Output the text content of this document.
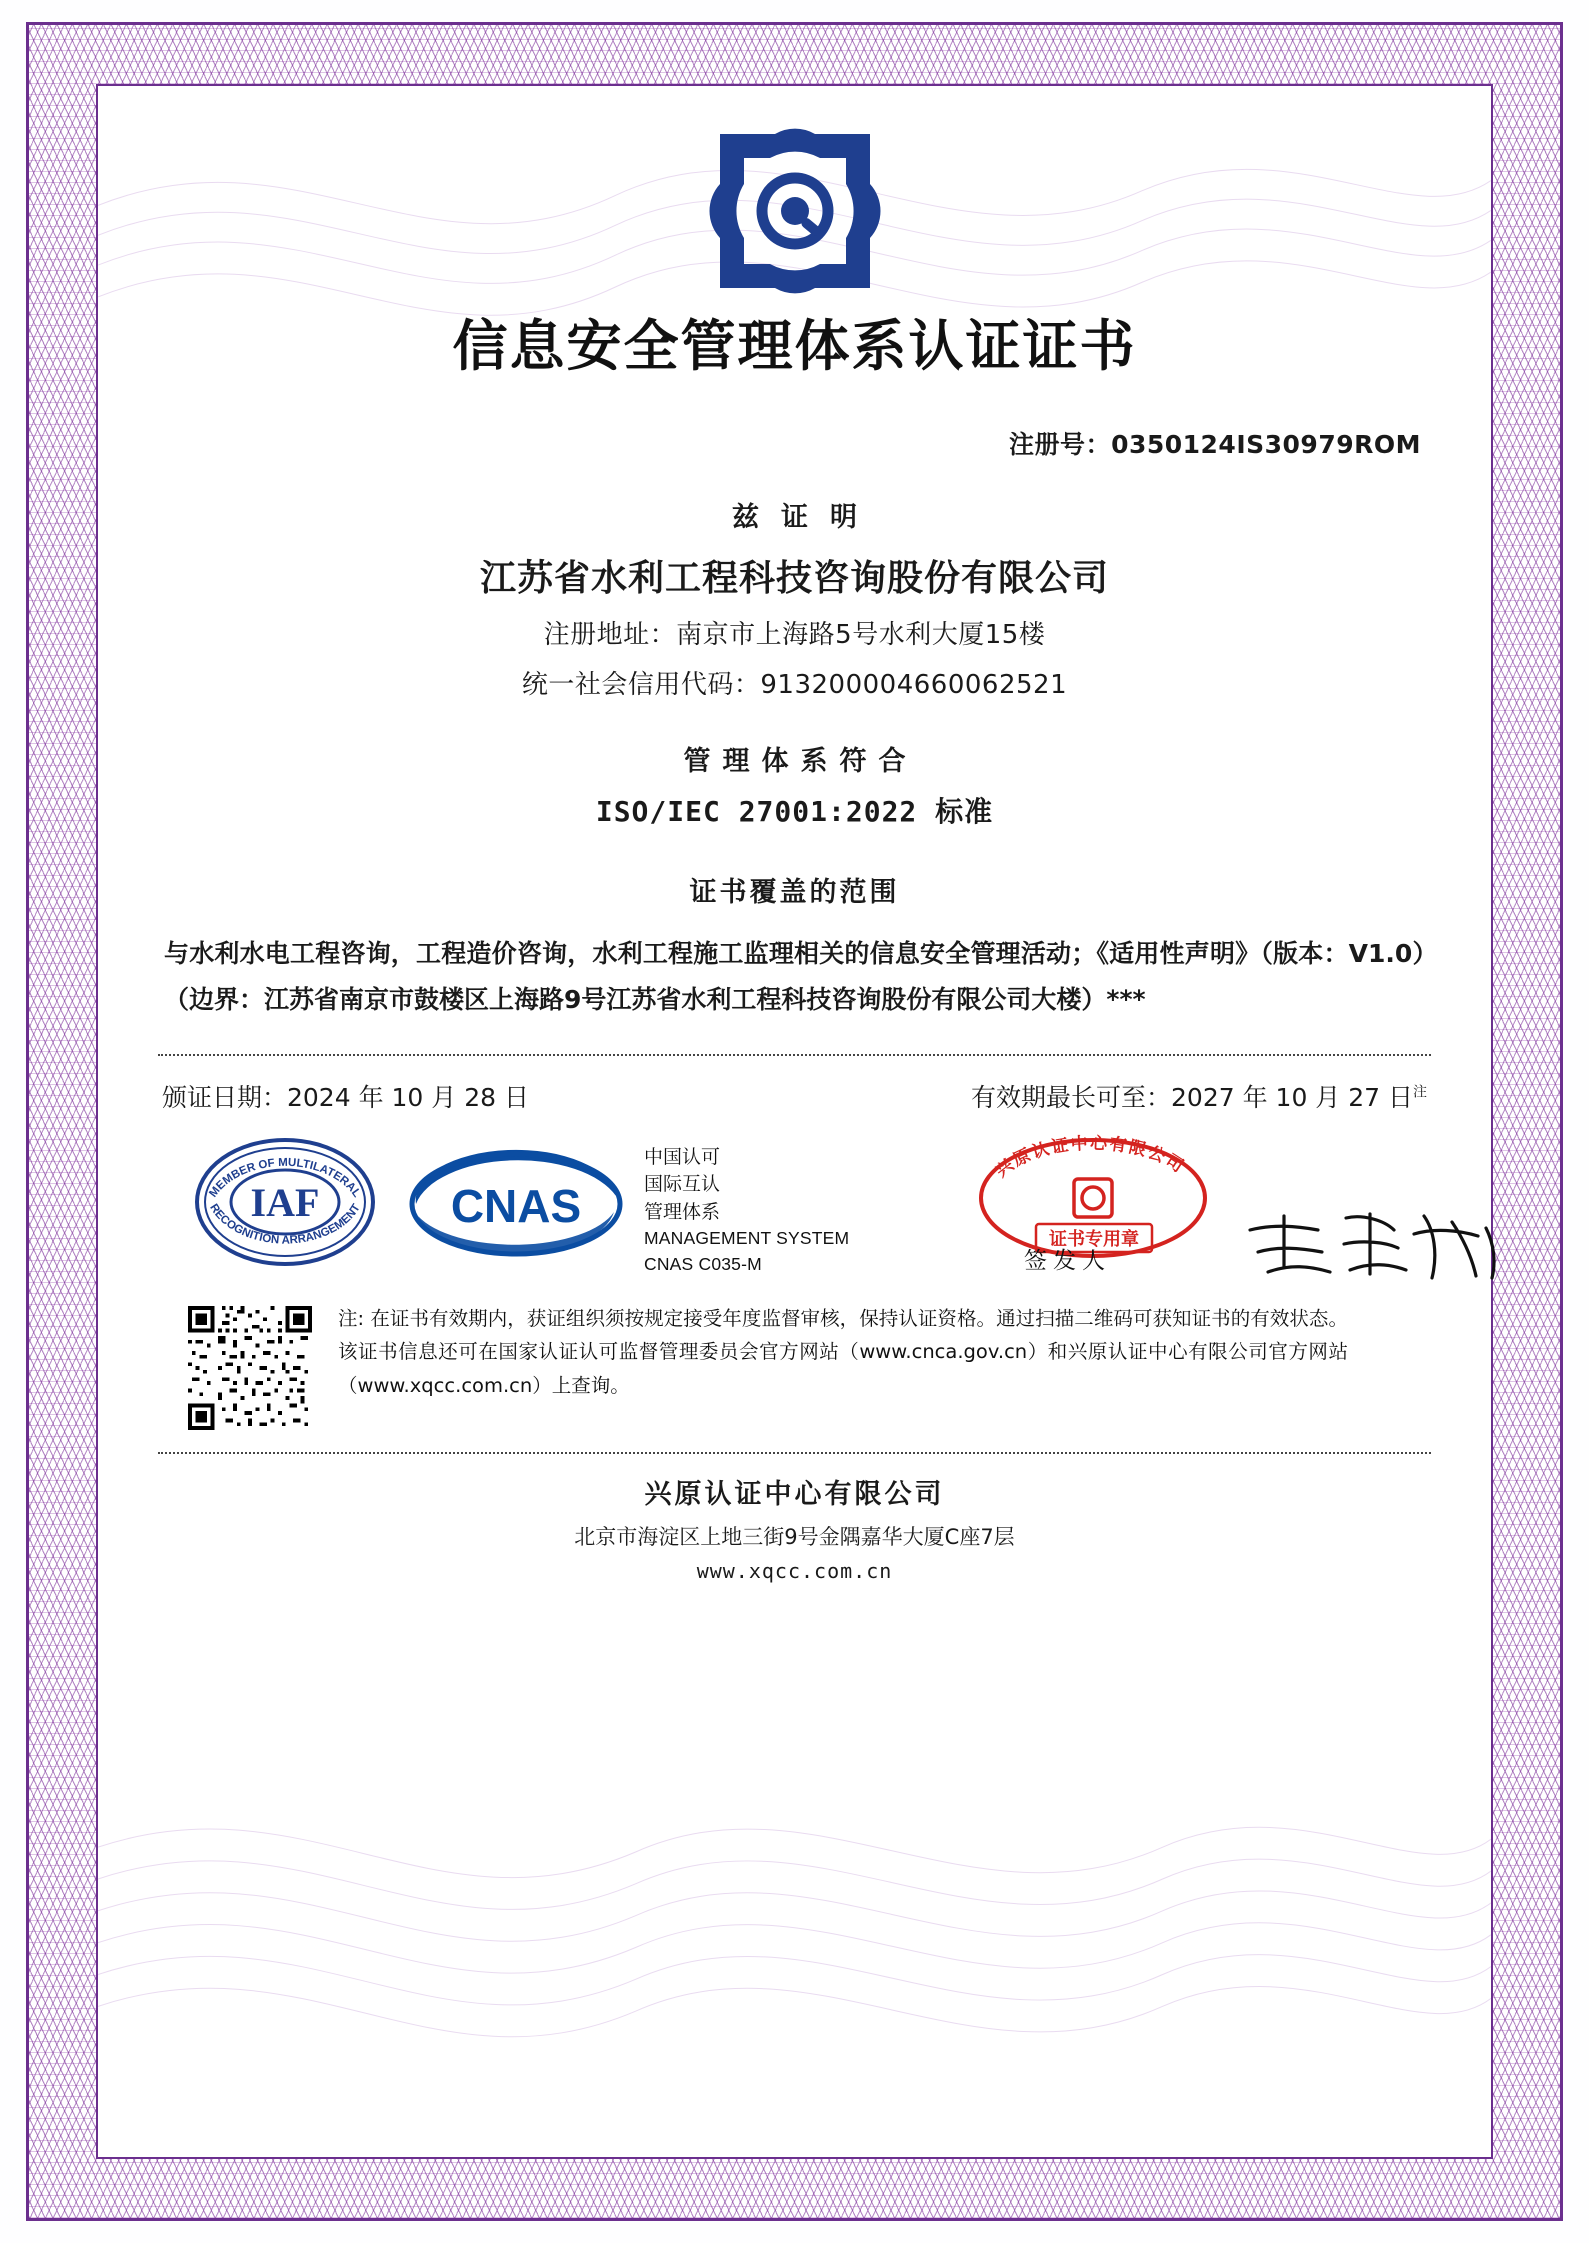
信息安全管理体系认证证书
注册号：0350124IS30979ROM
兹证明
江苏省水利工程科技咨询股份有限公司
注册地址：南京市上海路5号水利大厦15楼
统一社会信用代码：913200004660062521
管理体系符合
ISO/IEC 27001:2022 标准
证书覆盖的范围
与水利水电工程咨询，工程造价咨询，水利工程施工监理相关的信息安全管理活动；《适用性声明》（版本：V1.0）（边界：江苏省南京市鼓楼区上海路9号江苏省水利工程科技咨询股份有限公司大楼）***
颁证日期：2024 年 10 月 28 日	有效期最长可至：2027 年 10 月 27 日$^注$
IAF
MEMBER OF MULTILATERAL
RECOGNITION ARRANGEMENT CNAS
中国认可
国际互认
管理体系
MANAGEMENT SYSTEM
CNAS C035-M
兴原认证中心有限公司
证书专用章
签发人
注: 在证书有效期内，获证组织须按规定接受年度监督审核，保持认证资格。通过扫描二维码可获知证书的有效状态。该证书信息还可在国家认证认可监督管理委员会官方网站（www.cnca.gov.cn）和兴原认证中心有限公司官方网站（www.xqcc.com.cn）上查询。
兴原认证中心有限公司
北京市海淀区上地三街9号金隅嘉华大厦C座7层
www.xqcc.com.cn
